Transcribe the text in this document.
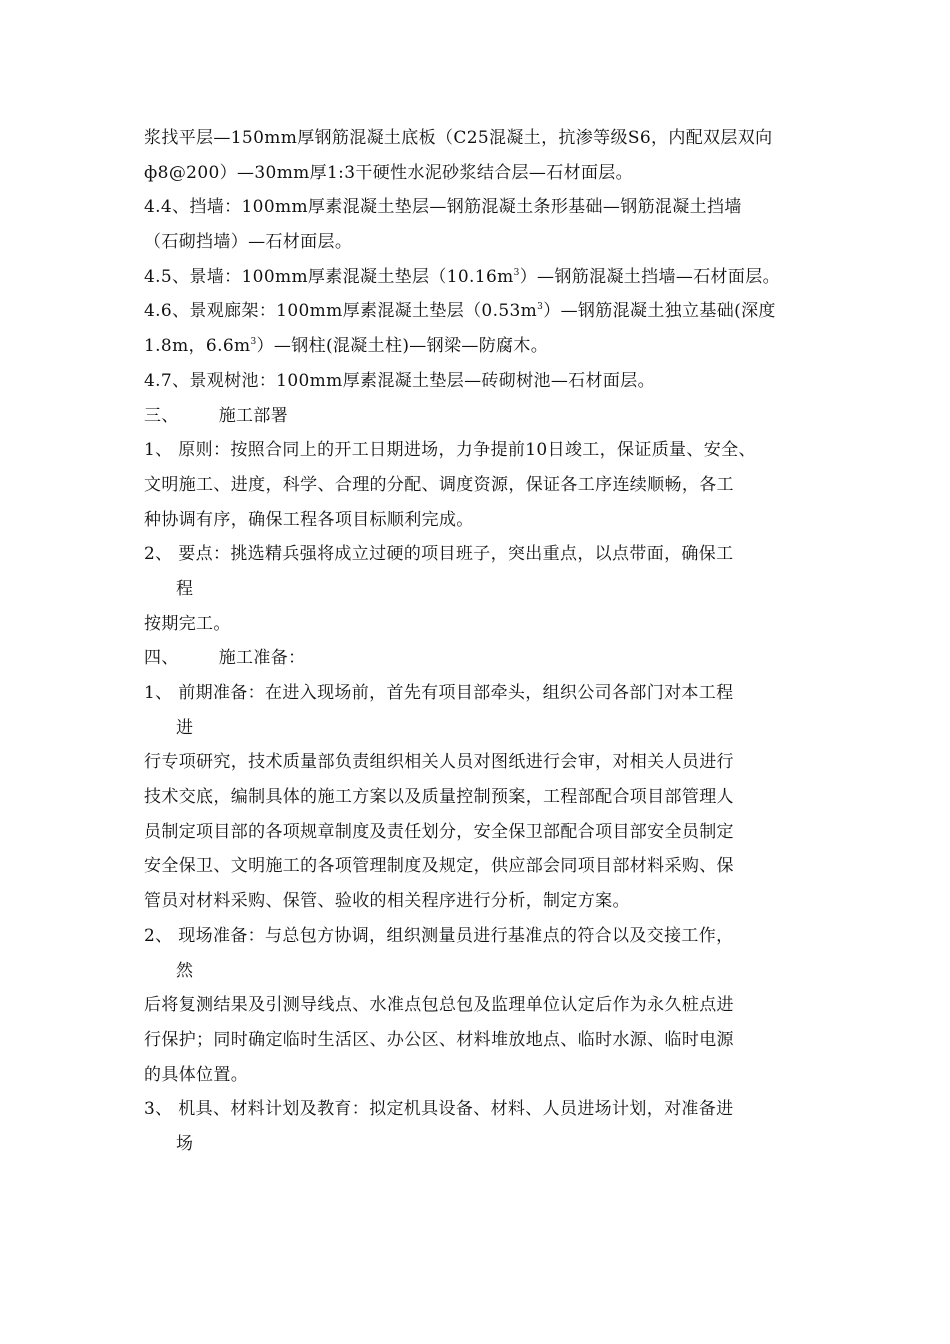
浆找平层—150mm厚钢筋混凝土底板（C25混凝土，抗渗等级S6，内配双层双向
ф8@200）—30mm厚1:3干硬性水泥砂浆结合层—石材面层。
4.4、挡墙：100mm厚素混凝土垫层—钢筋混凝土条形基础—钢筋混凝土挡墙
（石砌挡墙）—石材面层。
4.5、景墙：100mm厚素混凝土垫层$(10.16m^3)—$钢筋混凝土挡墙—石材面层。
4.6、景观廊架：100mm厚素混凝土垫层$(0.53m^3)—$钢筋混凝土独立基础(深度
1.8m，$6.6m^3)—$钢柱(混凝土柱)—钢梁—防腐木。
4.7、景观树池：100mm厚素混凝土垫层—砖砌树池—石材面层。
三、 施工部署
1、 原则：按照合同上的开工日期进场，力争提前10日竣工，保证质量、安全、
文明施工、进度，科学、合理的分配、调度资源，保证各工序连续顺畅，各工
种协调有序，确保工程各项目标顺利完成。
2、 要点：挑选精兵强将成立过硬的项目班子，突出重点，以点带面，确保工
程
按期完工。
四、 施工准备：
1、 前期准备：在进入现场前，首先有项目部牵头，组织公司各部门对本工程
进
行专项研究，技术质量部负责组织相关人员对图纸进行会审，对相关人员进行
技术交底，编制具体的施工方案以及质量控制预案，工程部配合项目部管理人
员制定项目部的各项规章制度及责任划分，安全保卫部配合项目部安全员制定
安全保卫、文明施工的各项管理制度及规定，供应部会同项目部材料采购、保
管员对材料采购、保管、验收的相关程序进行分析，制定方案。
2、 现场准备：与总包方协调，组织测量员进行基准点的符合以及交接工作，
然
后将复测结果及引测导线点、水准点包总包及监理单位认定后作为永久桩点进
行保护；同时确定临时生活区、办公区、材料堆放地点、临时水源、临时电源
的具体位置。
3、 机具、材料计划及教育：拟定机具设备、材料、人员进场计划，对准备进
场
